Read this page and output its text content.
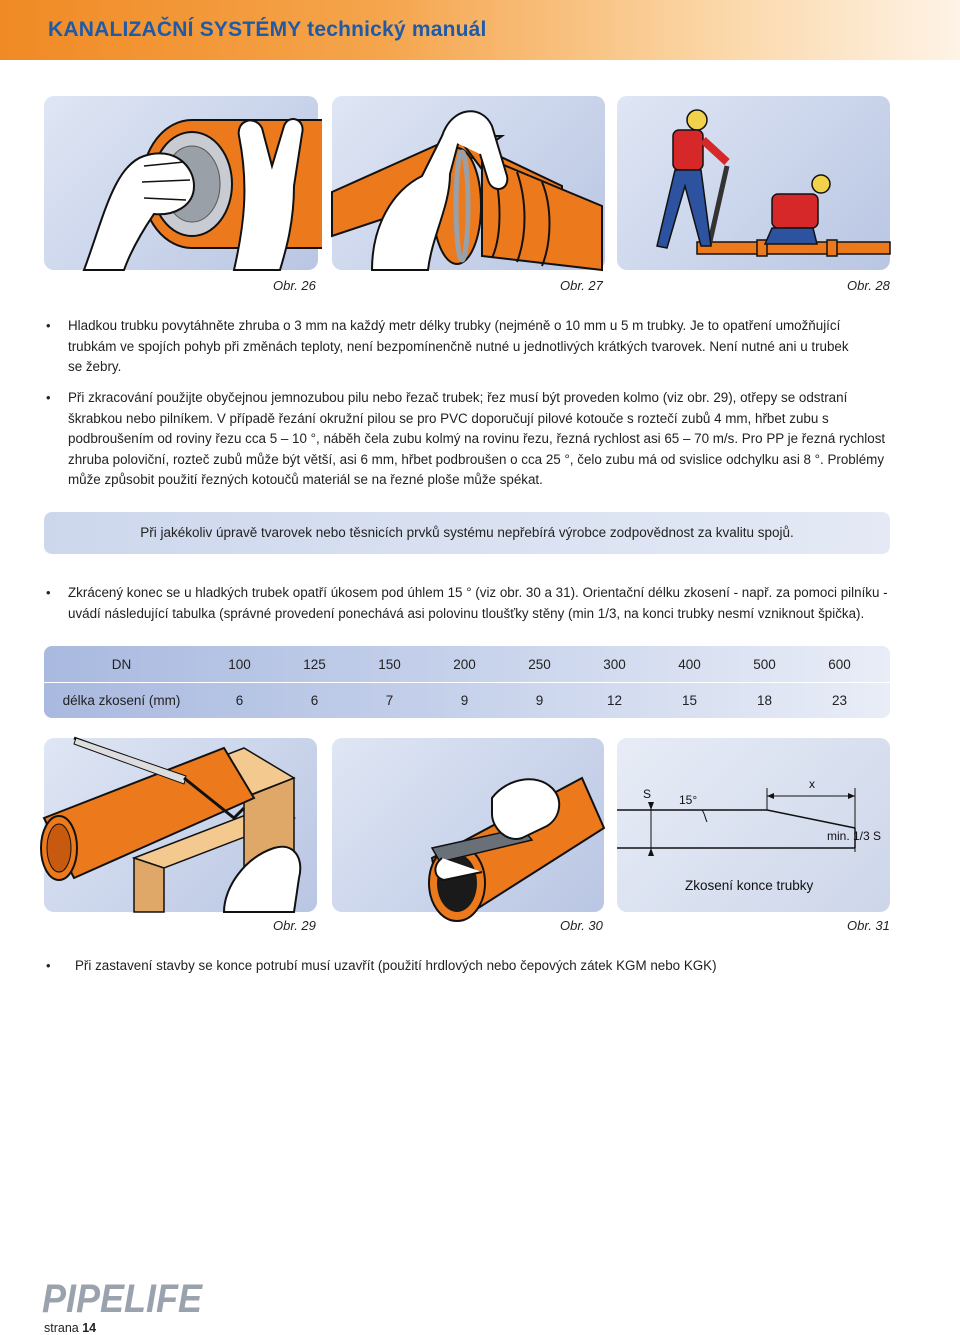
KANALIZAČNÍ SYSTÉMY technický manuál
Obr. 26	Obr. 27	Obr. 28
• Hladkou trubku povytáhněte zhruba o 3 mm na každý metr délky trubky (nejméně o 10 mm u 5 m trubky. Je to opatření umožňující
trubkám ve spojích pohyb při změnách teploty, není bezpomínenčně nutné u jednotlivých krátkých tvarovek. Není nutné ani u trubek
se žebry.
• Při zkracování použijte obyčejnou jemnozubou pilu nebo řezač trubek; řez musí být proveden kolmo (viz obr. 29), otřepy se odstraní
škrabkou nebo pilníkem. V případě řezání okružní pilou se pro PVC doporučují pilové kotouče s roztečí zubů 4 mm, hřbet zubu s
podbroušením od roviny řezu cca 5 – 10 °, náběh čela zubu kolmý na rovinu řezu, řezná rychlost asi 65 – 70 m/s. Pro PP je řezná rychlost
zhruba poloviční, rozteč zubů může být větší, asi 6 mm, hřbet podbroušen o cca 25 °, čelo zubu má od svislice odchylku asi 8 °. Problémy
může způsobit použití řezných kotoučů materiál se na řezné ploše může spékat.
Při jakékoliv úpravě tvarovek nebo těsnicích prvků systému nepřebírá výrobce zodpovědnost za kvalitu spojů.
• Zkrácený konec se u hladkých trubek opatří úkosem pod úhlem 15 ° (viz obr. 30 a 31). Orientační délku zkosení - např. za pomoci pilníku -
uvádí následující tabulka (správné provedení ponechává asi polovinu tloušťky stěny (min 1/3, na konci trubky nesmí vzniknout špička).
DN	100	125	150	200	250	300	400	500	600
délka zkosení (mm)	6	6	7	9	9	12	15	18	23
S 15°
x
min. 1/3 S
Zkosení konce trubky
Obr. 29	Obr. 30	Obr. 31
• Při zastavení stavby se konce potrubí musí uzavřít (použití hrdlových nebo čepových zátek KGM nebo KGK)
PIPELIFE
strana 14
